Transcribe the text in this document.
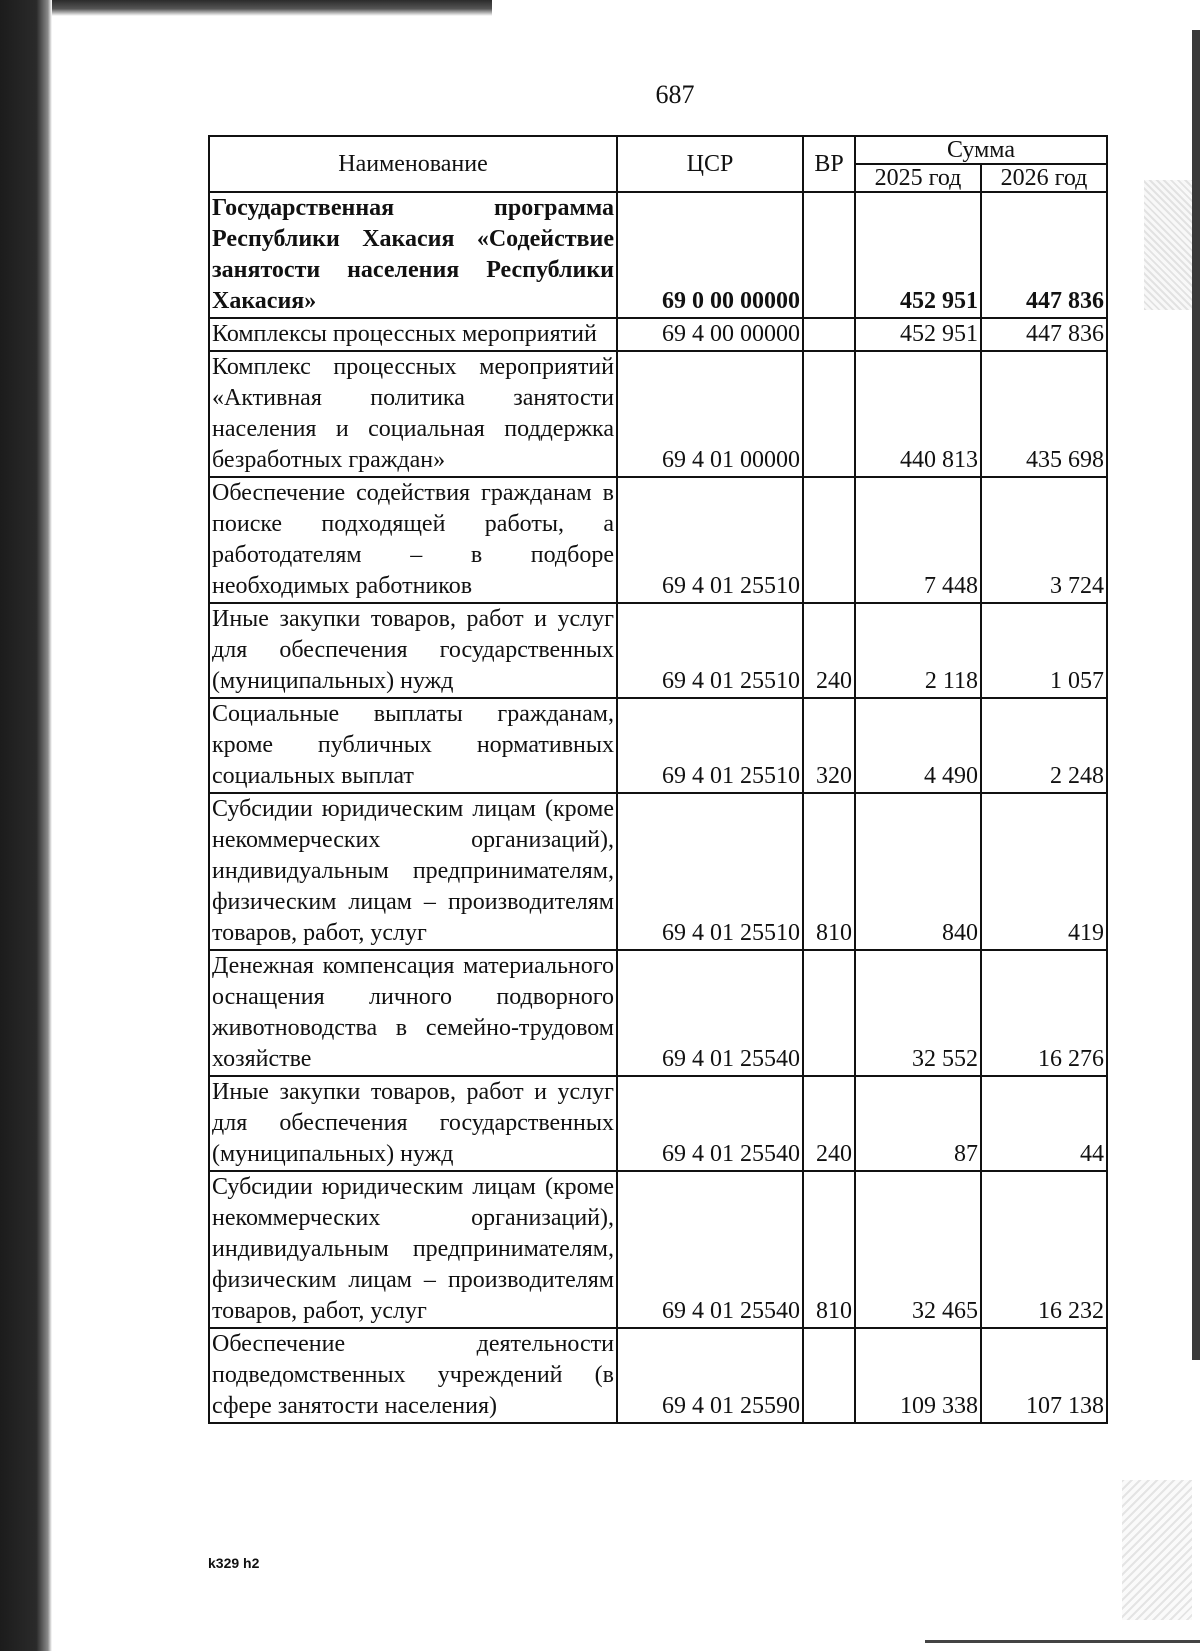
687
Наименование	ЦСР	ВР	Сумма	
			2025 год	2026 год
Государственная программа Республики Хакасия «Содействие занятости населения Республики Хакасия»	69 0 00 00000		452 951	447 836
Комплексы процессных мероприятий	69 4 00 00000		452 951	447 836
Комплекс процессных мероприятий «Активная политика занятости населения и социальная поддержка безработных граждан»	69 4 01 00000		440 813	435 698
Обеспечение содействия гражданам в поиске подходящей работы, а работодателям – в подборе необходимых работников	69 4 01 25510		7 448	3 724
Иные закупки товаров, работ и услуг для обеспечения государственных (муниципальных) нужд	69 4 01 25510	240	2 118	1 057
Социальные выплаты гражданам, кроме публичных нормативных социальных выплат	69 4 01 25510	320	4 490	2 248
Субсидии юридическим лицам (кроме некоммерческих организаций), индивидуальным предпринимателям, физическим лицам – производителям товаров, работ, услуг	69 4 01 25510	810	840	419
Денежная компенсация материального оснащения личного подворного животноводства в семейно-трудовом хозяйстве	69 4 01 25540		32 552	16 276
Иные закупки товаров, работ и услуг для обеспечения государственных (муниципальных) нужд	69 4 01 25540	240	87	44
Субсидии юридическим лицам (кроме некоммерческих организаций), индивидуальным предпринимателям, физическим лицам – производителям товаров, работ, услуг	69 4 01 25540	810	32 465	16 232
Обеспечение деятельности подведомственных учреждений (в сфере занятости населения)	69 4 01 25590		109 338	107 138
k329 h2
